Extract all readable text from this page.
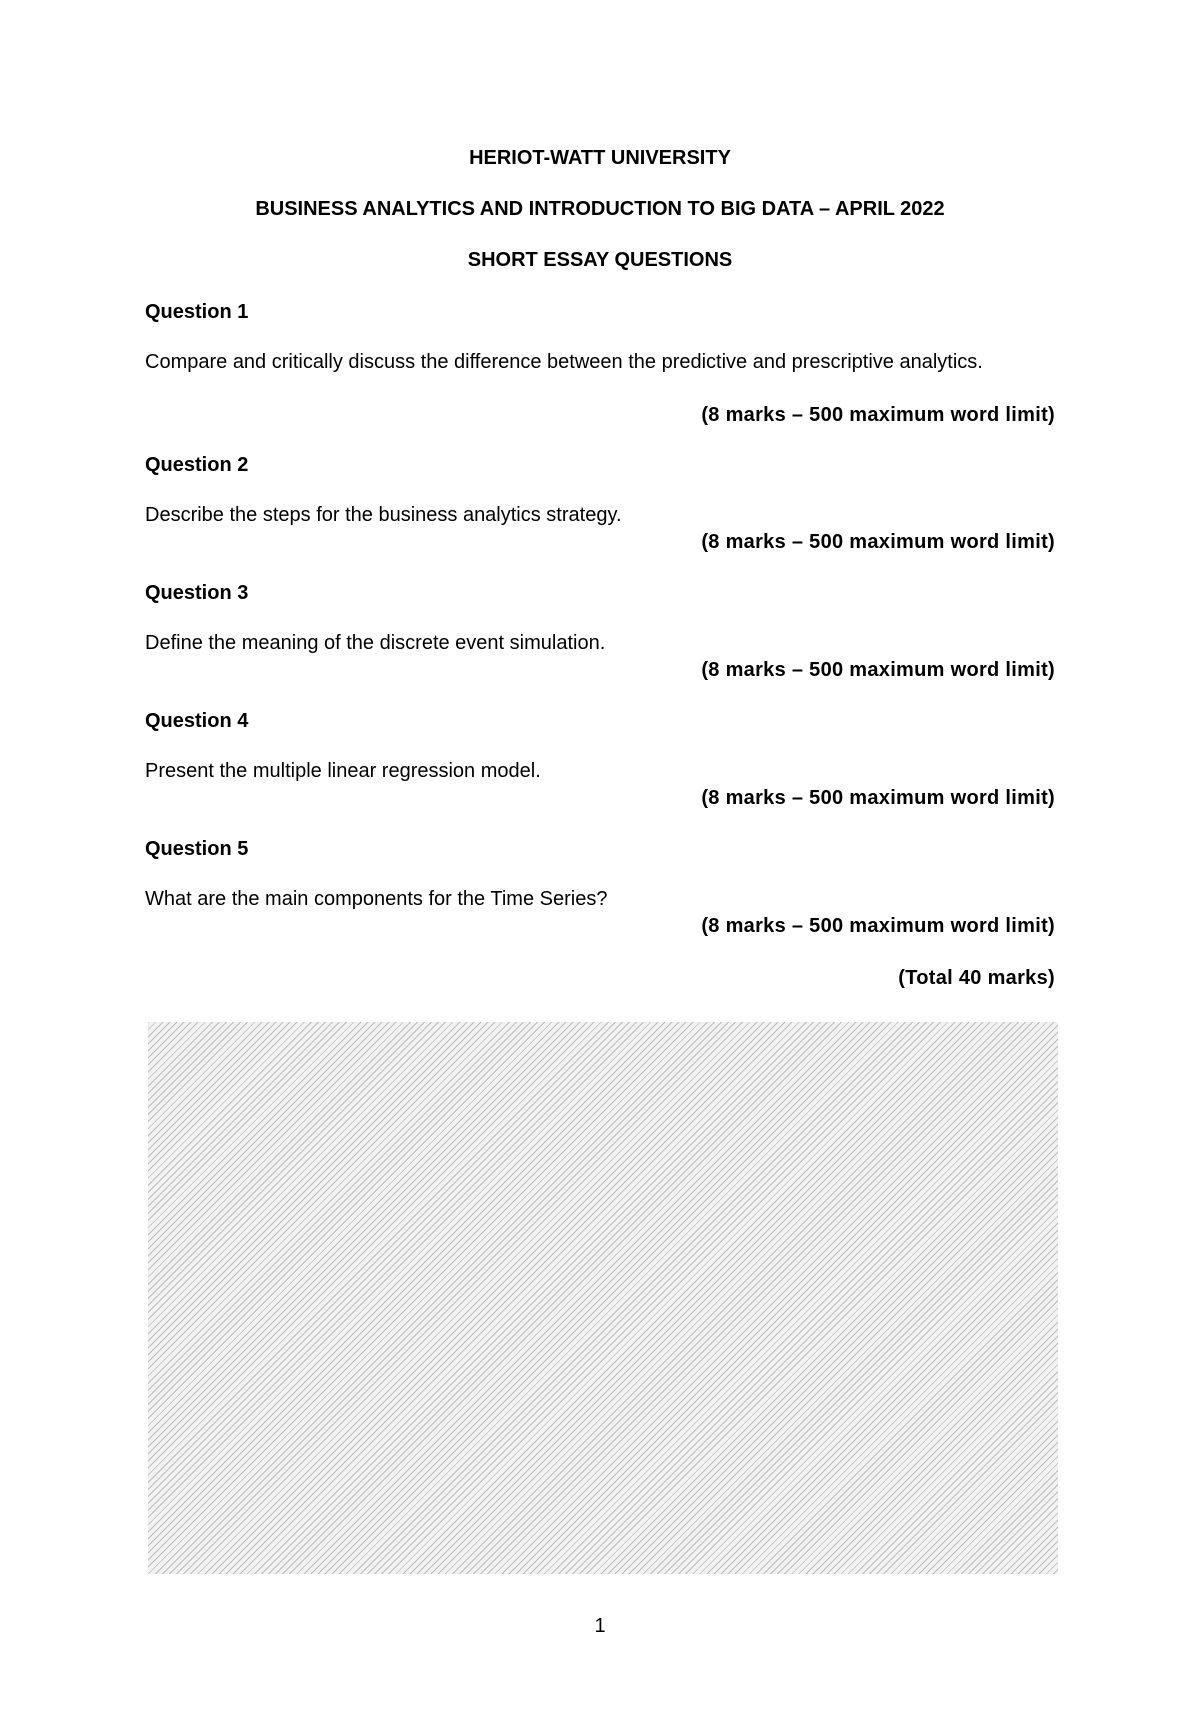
HERIOT-WATT UNIVERSITY
BUSINESS ANALYTICS AND INTRODUCTION TO BIG DATA – APRIL 2022
SHORT ESSAY QUESTIONS
Question 1
Compare and critically discuss the difference between the predictive and prescriptive analytics.
(8 marks – 500 maximum word limit)
Question 2
Describe the steps for the business analytics strategy.
(8 marks – 500 maximum word limit)
Question 3
Define the meaning of the discrete event simulation.
(8 marks – 500 maximum word limit)
Question 4
Present the multiple linear regression model.
(8 marks – 500 maximum word limit)
Question 5
What are the main components for the Time Series?
(8 marks – 500 maximum word limit)
(Total 40 marks)
1
